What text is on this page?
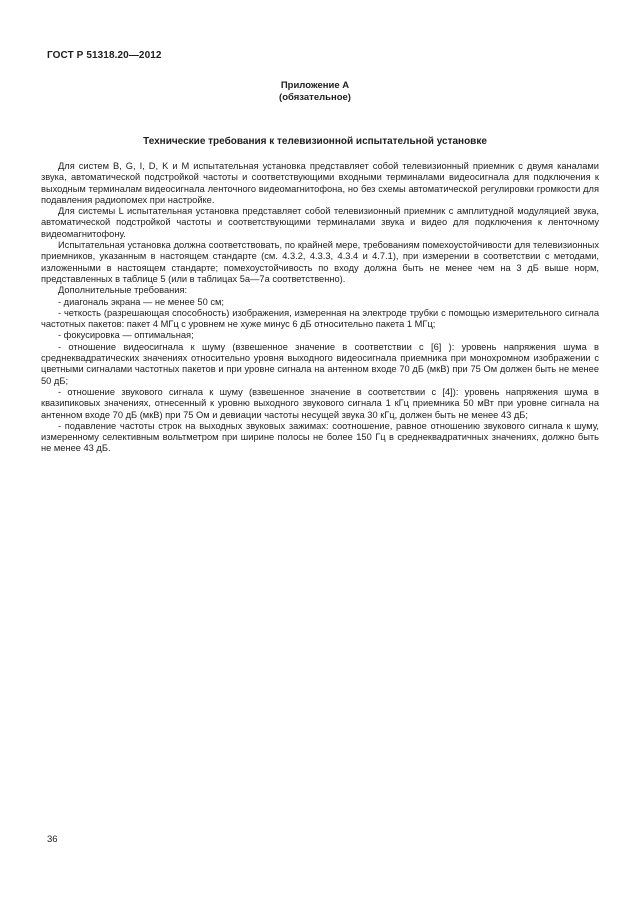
ГОСТ Р 51318.20—2012
Приложение А
(обязательное)
Технические требования к телевизионной испытательной установке

Для систем B, G, I, D, K и M испытательная установка представляет собой телевизионный приемник с двумя каналами звука, автоматической подстройкой частоты и соответствующими входными терминалами видеосигнала для подключения к выходным терминалам видеосигнала ленточного видеомагнитофона, но без схемы автоматической регулировки громкости для подавления радиопомех при настройке.

Для системы L испытательная установка представляет собой телевизионный приемник с амплитудной модуляцией звука, автоматической подстройкой частоты и соответствующими терминалами звука и видео для подключения к ленточному видеомагнитофону.

Испытательная установка должна соответствовать, по крайней мере, требованиям помехоустойчивости для телевизионных приемников, указанным в настоящем стандарте (см. 4.3.2, 4.3.3, 4.3.4 и 4.7.1), при измерении в соответствии с методами, изложенными в настоящем стандарте; помехоустойчивость по входу должна быть не менее чем на 3 дБ выше норм, представленных в таблице 5 (или в таблицах 5а—7а соответственно).

Дополнительные требования:

- диагональ экрана — не менее 50 см;

- четкость (разрешающая способность) изображения, измеренная на электроде трубки с помощью измерительного сигнала частотных пакетов: пакет 4 МГц с уровнем не хуже минус 6 дБ относительно пакета 1 МГц;

- фокусировка — оптимальная;

- отношение видеосигнала к шуму (взвешенное значение в соответствии с [6] ): уровень напряжения шума в среднеквадратических значениях относительно уровня выходного видеосигнала приемника при монохромном изображении с цветными сигналами частотных пакетов и при уровне сигнала на антенном входе 70 дБ (мкВ) при 75 Ом должен быть не менее 50 дБ;

- отношение звукового сигнала к шуму (взвешенное значение в соответствии с [4]): уровень напряжения шума в квазипиковых значениях, отнесенный к уровню выходного звукового сигнала 1 кГц приемника 50 мВт при уровне сигнала на антенном входе 70 дБ (мкВ) при 75 Ом и девиации частоты несущей звука 30 кГц, должен быть не менее 43 дБ;

- подавление частоты строк на выходных звуковых зажимах: соотношение, равное отношению звукового сигнала к шуму, измеренному селективным вольтметром при ширине полосы не более 150 Гц в среднеквадратичных значениях, должно быть не менее 43 дБ.

36
